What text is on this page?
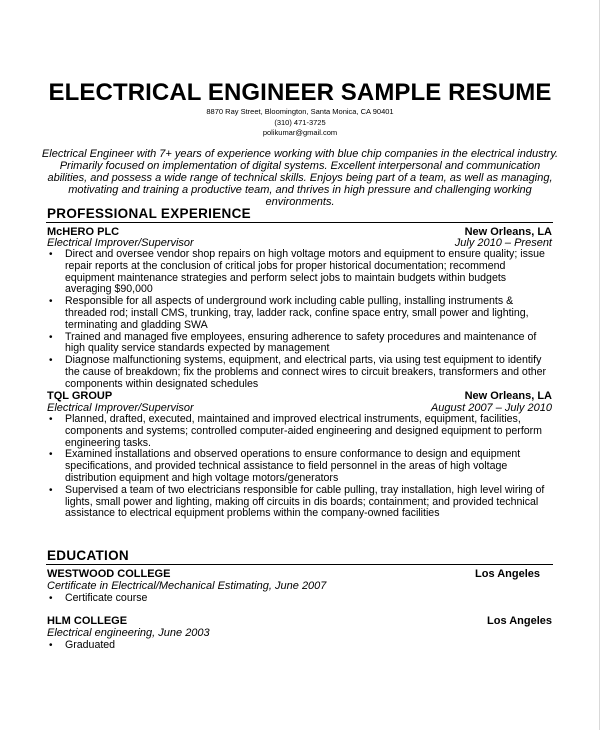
ELECTRICAL ENGINEER SAMPLE RESUME
8870 Ray Street, Bloomington, Santa Monica, CA 90401
(310) 471-3725
polikumar@gmail.com
Electrical Engineer with 7+ years of experience working with blue chip companies in the electrical industry. Primarily focused on implementation of digital systems. Excellent interpersonal and communication abilities, and possess a wide range of technical skills. Enjoys being part of a team, as well as managing, motivating and training a productive team, and thrives in high pressure and challenging working environments.
PROFESSIONAL EXPERIENCE
McHERO PLC	New Orleans, LA
Electrical Improver/Supervisor	July 2010 – Present
• Direct and oversee vendor shop repairs on high voltage motors and equipment to ensure quality; issue repair reports at the conclusion of critical jobs for proper historical documentation; recommend equipment maintenance strategies and perform select jobs to maintain budgets within budgets averaging $90,000
• Responsible for all aspects of underground work including cable pulling, installing instruments & threaded rod; install CMS, trunking, tray, ladder rack, confine space entry, small power and lighting, terminating and gladding SWA
• Trained and managed five employees, ensuring adherence to safety procedures and maintenance of high quality service standards expected by management
• Diagnose malfunctioning systems, equipment, and electrical parts, via using test equipment to identify the cause of breakdown; fix the problems and connect wires to circuit breakers, transformers and other components within designated schedules
TQL GROUP	New Orleans, LA
Electrical Improver/Supervisor	August 2007 – July 2010
• Planned, drafted, executed, maintained and improved electrical instruments, equipment, facilities, components and systems; controlled computer-aided engineering and designed equipment to perform engineering tasks.
• Examined installations and observed operations to ensure conformance to design and equipment specifications, and provided technical assistance to field personnel in the areas of high voltage distribution equipment and high voltage motors/generators
• Supervised a team of two electricians responsible for cable pulling, tray installation, high level wiring of lights, small power and lighting, making off circuits in dis boards; containment; and provided technical assistance to electrical equipment problems within the company-owned facilities
EDUCATION
WESTWOOD COLLEGE	Los Angeles
Certificate in Electrical/Mechanical Estimating, June 2007
• Certificate course
HLM COLLEGE	Los Angeles
Electrical engineering, June 2003
• Graduated
